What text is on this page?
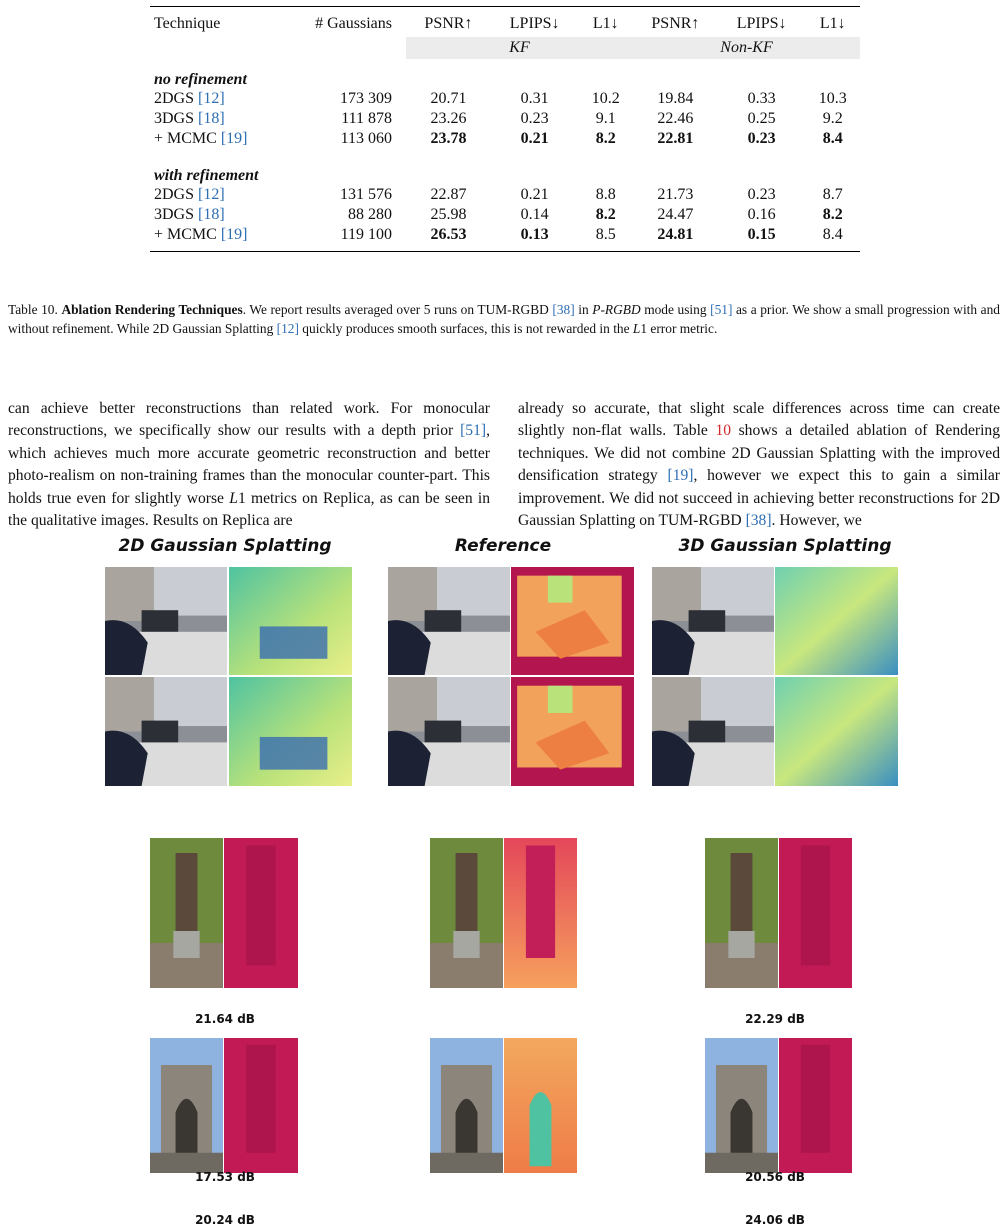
Technique	# Gaussians	PSNR↑	LPIPS↓	L1↓	PSNR↑	LPIPS↓	L1↓
		KF			Non-KF		
no refinement							
2DGS [12]	173 309	20.71	0.31	10.2	19.84	0.33	10.3
3DGS [18]	111 878	23.26	0.23	9.1	22.46	0.25	9.2
+ MCMC [19]	113 060	23.78	0.21	8.2	22.81	0.23	8.4

with refinement							
2DGS [12]	131 576	22.87	0.21	8.8	21.73	0.23	8.7
3DGS [18]	88 280	25.98	0.14	8.2	24.47	0.16	8.2
+ MCMC [19]	119 100	26.53	0.13	8.5	24.81	0.15	8.4

Table 10. Ablation Rendering Techniques. We report results averaged over 5 runs on TUM-RGBD [38] in P-RGBD mode using [51] as a prior. We show a small progression with and without refinement. While 2D Gaussian Splatting [12] quickly produces smooth surfaces, this is not rewarded in the L1 error metric.
can achieve better reconstructions than related work. For monocular reconstructions, we specifically show our results with a depth prior [51], which achieves much more accurate geometric reconstruction and better photo-realism on non-training frames than the monocular counter-part. This holds true even for slightly worse L1 metrics on Replica, as can be seen in the qualitative images. Results on Replica are
already so accurate, that slight scale differences across time can create slightly non-flat walls. Table 10 shows a detailed ablation of Rendering techniques. We did not combine 2D Gaussian Splatting with the improved densification strategy [19], however we expect this to gain a similar improvement. We did not succeed in achieving better reconstructions for 2D Gaussian Splatting on TUM-RGBD [38]. However, we
2D Gaussian Splatting	Reference	3D Gaussian Splatting
21.64 dB
17.53 dB
20.24 dB
22.29 dB
20.56 dB
24.06 dB
